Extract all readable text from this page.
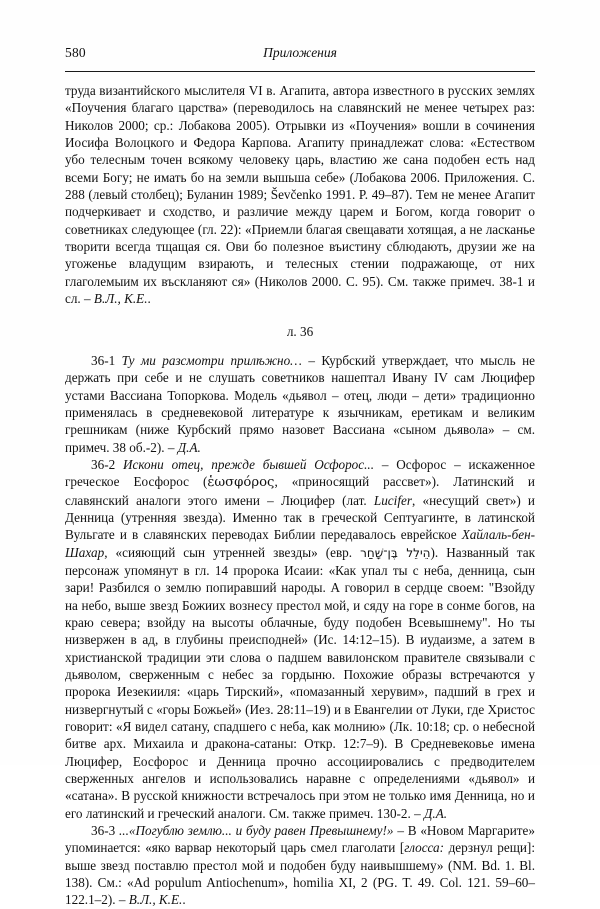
580	Приложения

труда византийского мыслителя VI в. Агапита, автора известного в русских землях «Поучения благаго царства» (переводилось на славянский не менее четырех раз: Николов 2000; ср.: Лобакова 2005). Отрывки из «Поучения» вошли в сочинения Иосифа Волоцкого и Федора Карпова. Агапиту принадлежат слова: «Естеством убо телесным точен всякому человеку царь, властию же сана подобен есть над всеми Богу; не имать бо на земли вышьша себе» (Лобакова 2006. Приложения. С. 288 (левый столбец); Буланин 1989; Ševčenko 1991. P. 49–87). Тем не менее Агапит подчеркивает и сходство, и различие между царем и Богом, когда говорит о советниках следующее (гл. 22): «Приемли благая свещавати хотящая, а не ласканье творити всегда тщащая ся. Ови бо полезное въистину сблюдають, друзии же на угоженье владущим взирають, и телесных стении подражающе, от них глаголемыим их въскланяют ся» (Николов 2000. С. 95). См. также примеч. 38-1 и сл. – В.Л., К.Е..

л. 36

36-1 Ту ми разсмотри прилѣжно… – Курбский утверждает, что мысль не держать при себе и не слушать советников нашептал Ивану IV сам Люцифер устами Вассиана Топоркова. Модель «дьявол – отец, люди – дети» традиционно применялась в средневековой литературе к язычникам, еретикам и великим грешникам (ниже Курбский прямо назовет Вассиана «сыном дьявола» – см. примеч. 38 об.-2). – Д.А.

36-2 Искони отец, прежде бывшей Осфорос... – Осфорос – искаженное греческое Еосфорос (ἑωσφόρος, «приносящий рассвет»). Латинский и славянский аналоги этого имени – Люцифер (лат. Lucifer, «несущий свет») и Денница (утренняя звезда). Именно так в греческой Септуагинте, в латинской Вульгате и в славянских переводах Библии передавалось еврейское Хайлаль-бен-Шахар, «сияющий сын утренней звезды» (евр. הֵילֵל בֶּן־שָׁחַר). Названный так персонаж упомянут в гл. 14 пророка Исаии: «Как упал ты с неба, денница, сын зари! Разбился о землю попиравший народы. А говорил в сердце своем: "Взойду на небо, выше звезд Божиих вознесу престол мой, и сяду на горе в сонме богов, на краю севера; взойду на высоты облачные, буду подобен Всевышнему". Но ты низвержен в ад, в глубины преисподней» (Ис. 14:12–15). В иудаизме, а затем в христианской традиции эти слова о падшем вавилонском правителе связывали с дьяволом, сверженным с небес за гордыню. Похожие образы встречаются у пророка Иезекииля: «царь Тирский», «помазанный херувим», падший в грех и низвергнутый с «горы Божьей» (Иез. 28:11–19) и в Евангелии от Луки, где Христос говорит: «Я видел сатану, спадшего с неба, как молнию» (Лк. 10:18; ср. о небесной битве арх. Михаила и дракона-сатаны: Откр. 12:7–9). В Средневековье имена Люцифер, Еосфорос и Денница прочно ассоциировались с предводителем сверженных ангелов и использовались наравне с определениями «дьявол» и «сатана». В русской книжности встречалось при этом не только имя Денница, но и его латинский и греческий аналоги. См. также примеч. 130-2. – Д.А.

36-3 ...«Погублю землю... и буду равен Превышнему!» – В «Новом Маргарите» упоминается: «яко варвар некоторый царь смел глаголати [глосса: дерзнул рещи]: выше звезд поставлю престол мой и подобен буду наивышшему» (NM. Bd. 1. Bl. 138). См.: «Ad populum Antiochenum», homilia XI, 2 (PG. T. 49. Col. 121. 59–60–122.1–2). – В.Л., К.Е..
